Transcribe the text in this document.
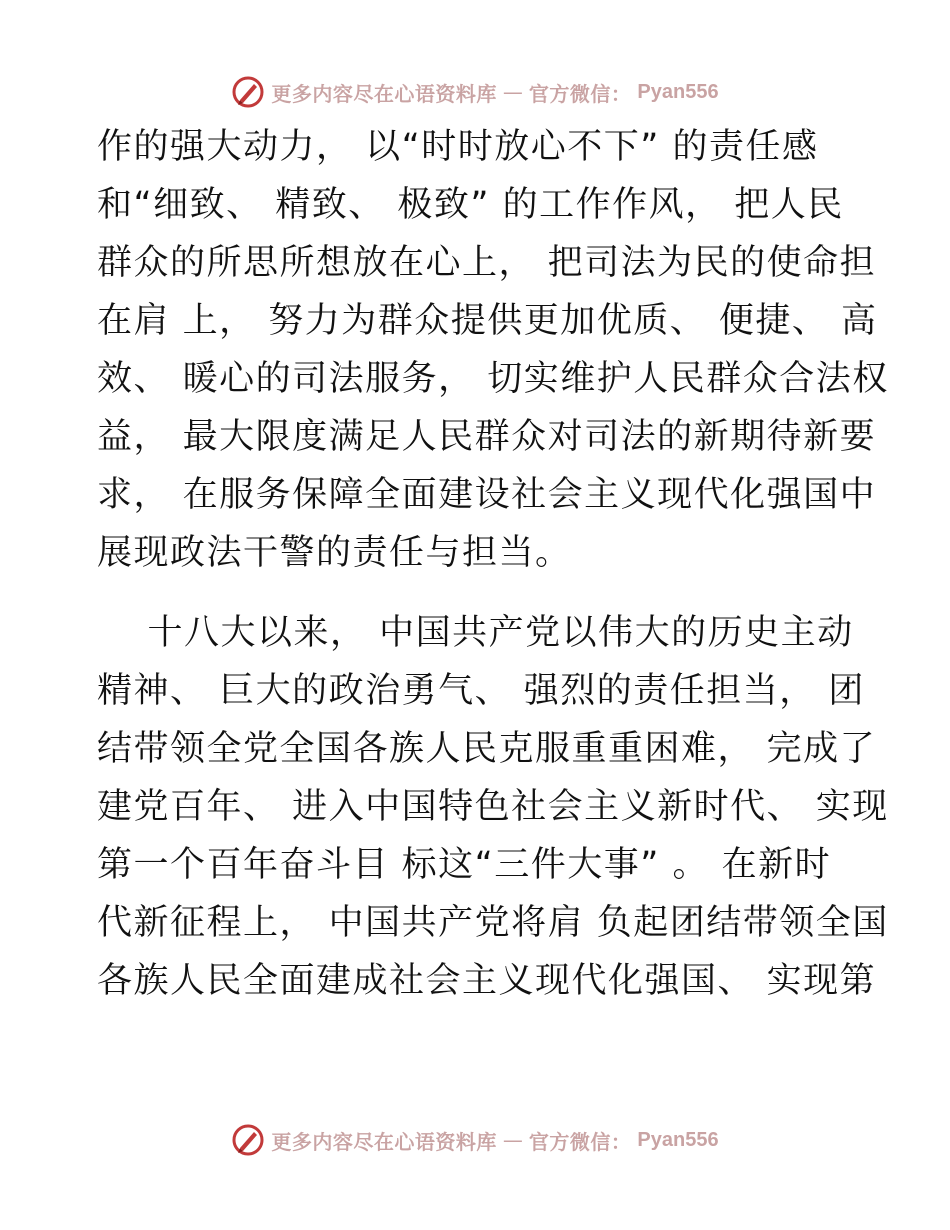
更多内容尽在心语资料库 — 官方微信： Pyan556
作的强大动力， 以“时时放心不下” 的责任感
和“细致、 精致、 极致” 的工作作风， 把人民
群众的所思所想放在心上， 把司法为民的使命担
在肩 上， 努力为群众提供更加优质、 便捷、 高
效、 暖心的司法服务， 切实维护人民群众合法权
益， 最大限度满足人民群众对司法的新期待新要
求， 在服务保障全面建设社会主义现代化强国中
展现政法干警的责任与担当。
十八大以来， 中国共产党以伟大的历史主动
精神、 巨大的政治勇气、 强烈的责任担当， 团
结带领全党全国各族人民克服重重困难， 完成了
建党百年、 进入中国特色社会主义新时代、 实现
第一个百年奋斗目 标这“三件大事” 。 在新时
代新征程上， 中国共产党将肩 负起团结带领全国
各族人民全面建成社会主义现代化强国、 实现第
更多内容尽在心语资料库 — 官方微信： Pyan556
